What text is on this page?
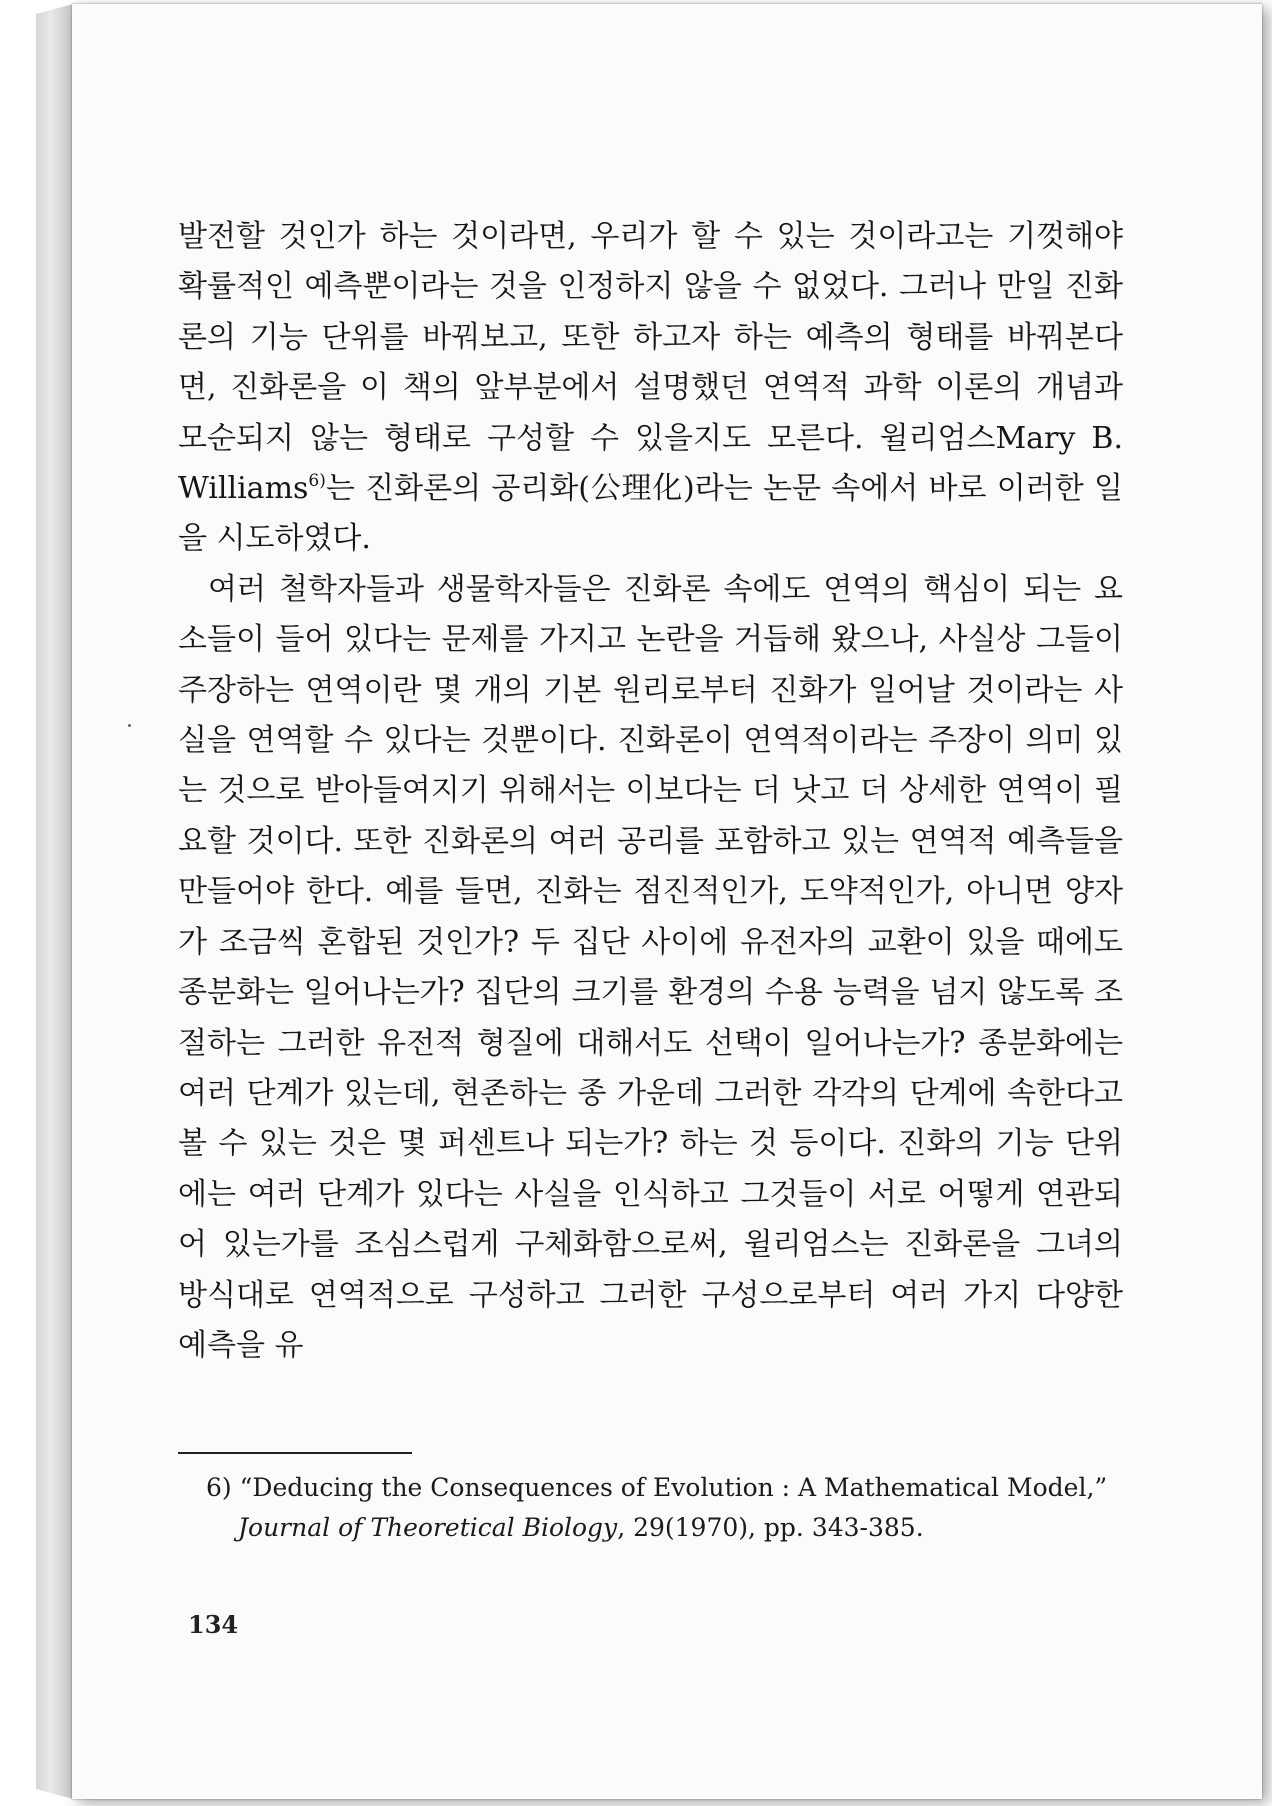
발전할 것인가 하는 것이라면, 우리가 할 수 있는 것이라고는 기껏해야 확률적인 예측뿐이라는 것을 인정하지 않을 수 없었다. 그러나 만일 진화론의 기능 단위를 바꿔보고, 또한 하고자 하는 예측의 형태를 바꿔본다면, 진화론을 이 책의 앞부분에서 설명했던 연역적 과학 이론의 개념과 모순되지 않는 형태로 구성할 수 있을지도 모른다. 윌리엄스Mary B. Williams$^{6)}$는 진화론의 공리화(公理化)라는 논문 속에서 바로 이러한 일을 시도하였다.

여러 철학자들과 생물학자들은 진화론 속에도 연역의 핵심이 되는 요소들이 들어 있다는 문제를 가지고 논란을 거듭해 왔으나, 사실상 그들이 주장하는 연역이란 몇 개의 기본 원리로부터 진화가 일어날 것이라는 사실을 연역할 수 있다는 것뿐이다. 진화론이 연역적이라는 주장이 의미 있는 것으로 받아들여지기 위해서는 이보다는 더 낫고 더 상세한 연역이 필요할 것이다. 또한 진화론의 여러 공리를 포함하고 있는 연역적 예측들을 만들어야 한다. 예를 들면, 진화는 점진적인가, 도약적인가, 아니면 양자가 조금씩 혼합된 것인가? 두 집단 사이에 유전자의 교환이 있을 때에도 종분화는 일어나는가? 집단의 크기를 환경의 수용 능력을 넘지 않도록 조절하는 그러한 유전적 형질에 대해서도 선택이 일어나는가? 종분화에는 여러 단계가 있는데, 현존하는 종 가운데 그러한 각각의 단계에 속한다고 볼 수 있는 것은 몇 퍼센트나 되는가? 하는 것 등이다. 진화의 기능 단위에는 여러 단계가 있다는 사실을 인식하고 그것들이 서로 어떻게 연관되어 있는가를 조심스럽게 구체화함으로써, 윌리엄스는 진화론을 그녀의 방식대로 연역적으로 구성하고 그러한 구성으로부터 여러 가지 다양한 예측을 유

6) “Deducing the Consequences of Evolution : A Mathematical Model,”
Journal of Theoretical Biology, 29(1970), pp. 343-385.
134
